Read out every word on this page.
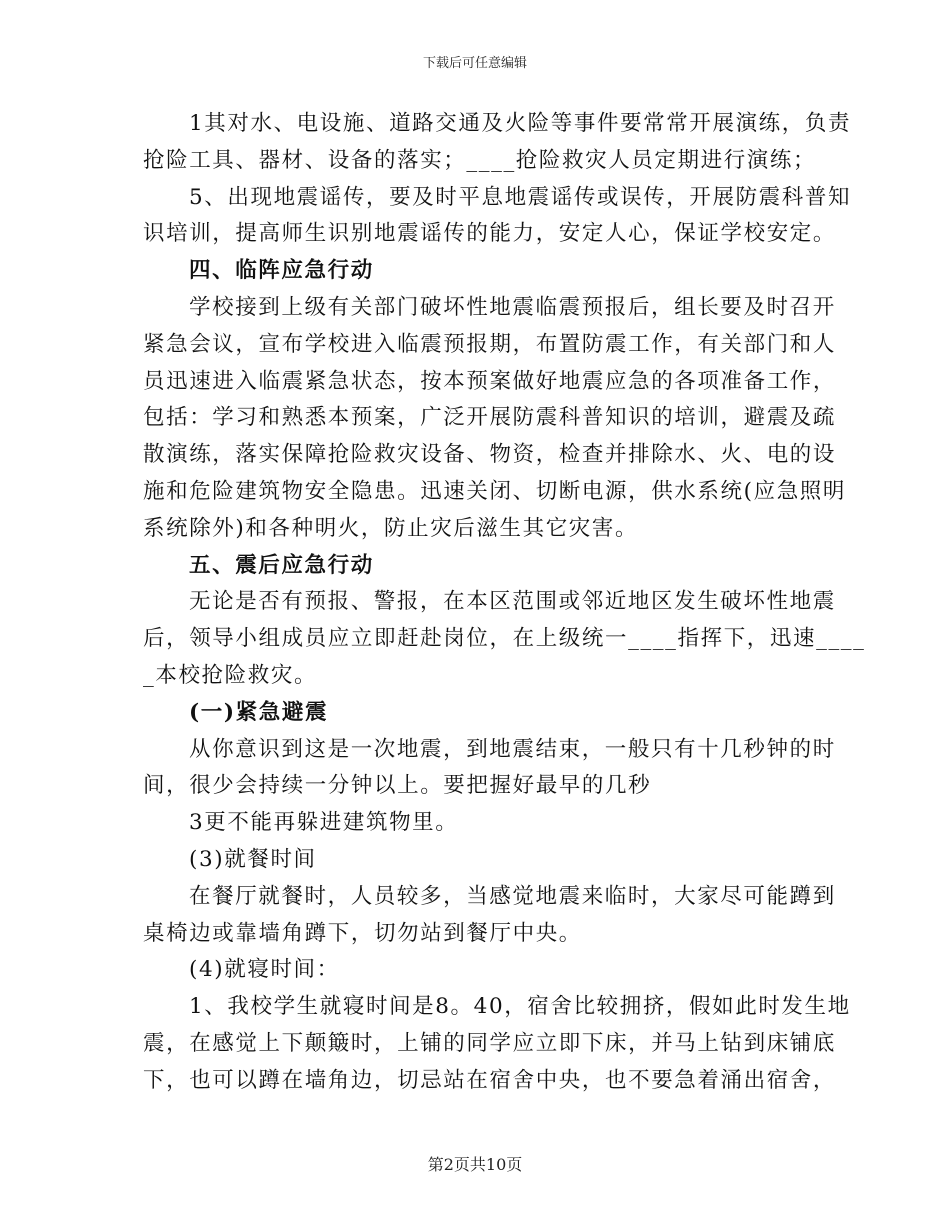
下载后可任意编辑
1其对水、电设施、道路交通及火险等事件要常常开展演练，负责
抢险工具、器材、设备的落实；____抢险救灾人员定期进行演练；
5、出现地震谣传，要及时平息地震谣传或误传，开展防震科普知
识培训，提高师生识别地震谣传的能力，安定人心，保证学校安定。
四、临阵应急行动
学校接到上级有关部门破坏性地震临震预报后，组长要及时召开
紧急会议，宣布学校进入临震预报期，布置防震工作，有关部门和人
员迅速进入临震紧急状态，按本预案做好地震应急的各项准备工作，
包括：学习和熟悉本预案，广泛开展防震科普知识的培训，避震及疏
散演练，落实保障抢险救灾设备、物资，检查并排除水、火、电的设
施和危险建筑物安全隐患。迅速关闭、切断电源，供水系统(应急照明
系统除外)和各种明火，防止灾后滋生其它灾害。
五、震后应急行动
无论是否有预报、警报，在本区范围或邻近地区发生破坏性地震
后，领导小组成员应立即赶赴岗位，在上级统一____指挥下，迅速____
_本校抢险救灾。
(一)紧急避震
从你意识到这是一次地震，到地震结束，一般只有十几秒钟的时
间，很少会持续一分钟以上。要把握好最早的几秒
3更不能再躲进建筑物里。
(3)就餐时间
在餐厅就餐时，人员较多，当感觉地震来临时，大家尽可能蹲到
桌椅边或靠墙角蹲下，切勿站到餐厅中央。
(4)就寝时间：
1、我校学生就寝时间是8。40，宿舍比较拥挤，假如此时发生地
震，在感觉上下颠簸时，上铺的同学应立即下床，并马上钻到床铺底
下，也可以蹲在墙角边，切忌站在宿舍中央，也不要急着涌出宿舍，
第2页共10页
